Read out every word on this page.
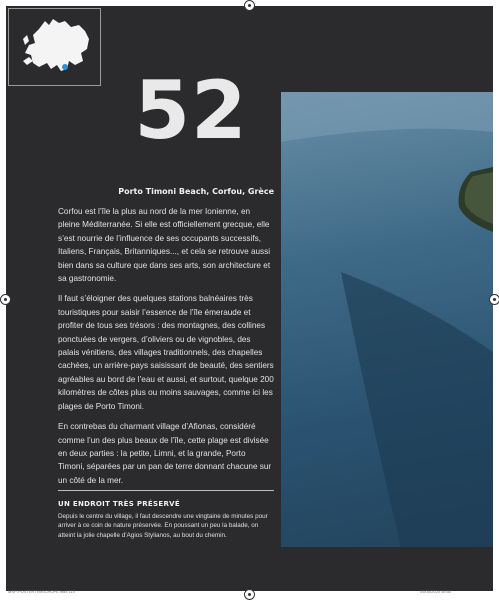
52
Porto Timoni Beach, Corfou, Grèce

Corfou est l’île la plus au nord de la mer Ionienne, en pleine Méditerranée. Si elle est officiellement grecque, elle s’est nourrie de l’influence de ses occupants successifs, Italiens, Français, Britanniques..., et cela se retrouve aussi bien dans sa culture que dans ses arts, son architecture et sa gastronomie.

Il faut s’éloigner des quelques stations balnéaires très touristiques pour saisir l’essence de l’île émeraude et profiter de tous ses trésors : des montagnes, des collines ponctuées de vergers, d’oliviers ou de vignobles, des palais vénitiens, des villages traditionnels, des chapelles cachées, un arrière-pays saisissant de beauté, des sentiers agréables au bord de l’eau et aussi, et surtout, quelque 200 kilomètres de côtes plus ou moins sauvages, comme ici les plages de Porto Timoni.

En contrebas du charmant village d’Afionas, considéré comme l’un des plus beaux de l’île, cette plage est divisée en deux parties : la petite, Limni, et la grande, Porto Timoni, séparées par un pan de terre donnant chacune sur un côté de la mer.

UN ENDROIT TRÈS PRÉSERVÉ
Depuis le centre du village, il faut descendre une vingtaine de minutes pour arriver à ce coin de nature préservée. En poussant un peu la balade, on atteint la jolie chapelle d’Agios Stylianos, au bout du chemin.
MSP-POSTERTINISCHOPE.indd 110	05/05/2020 08:50
